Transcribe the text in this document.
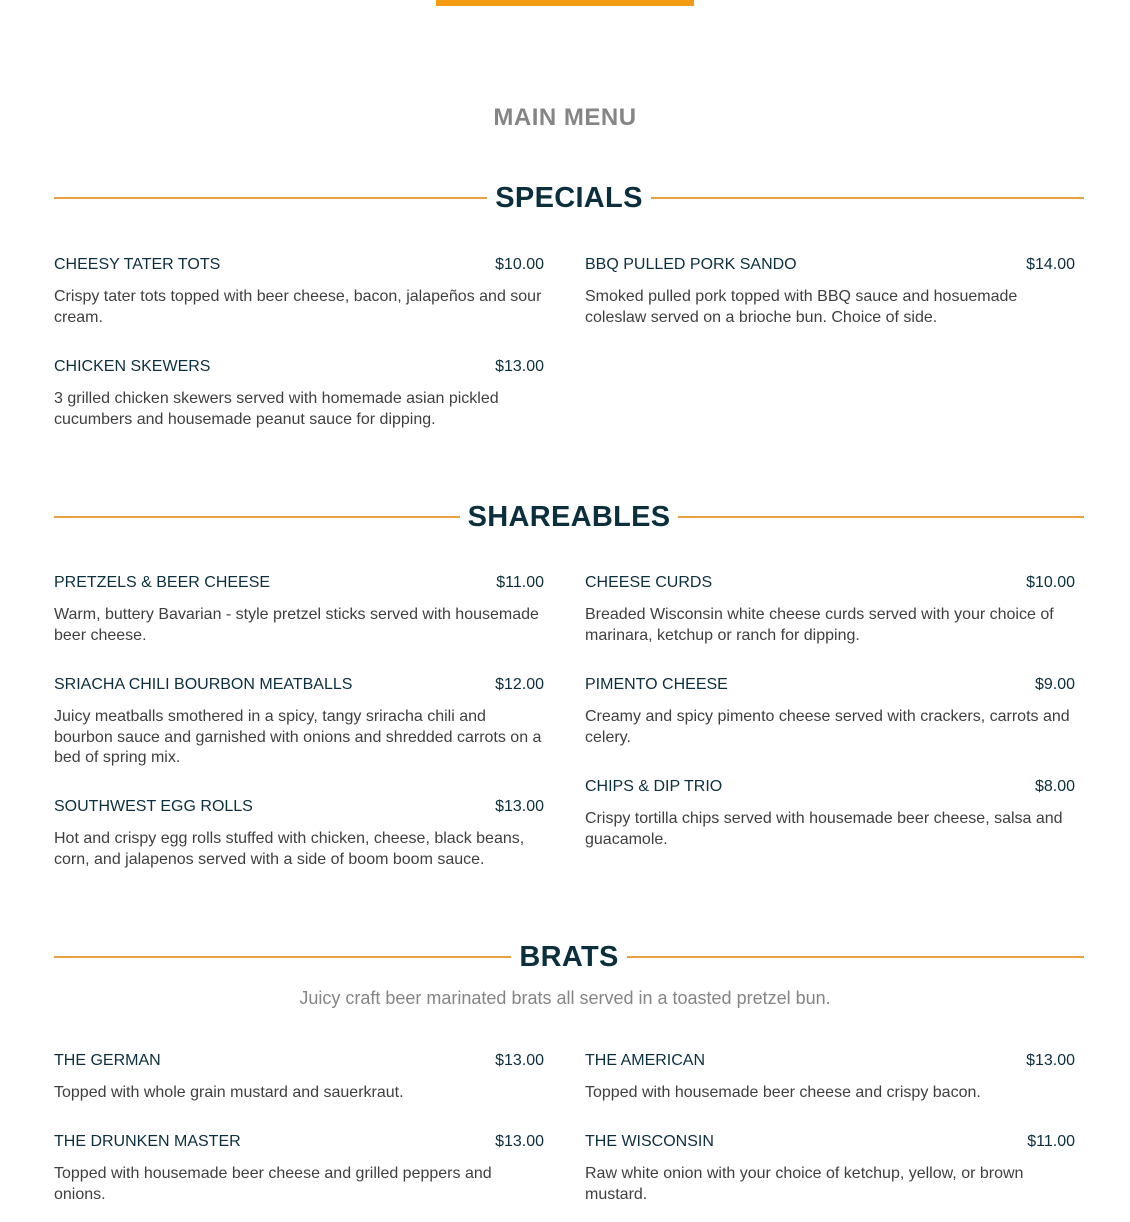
MAIN MENU
SPECIALS
CHEESY TATER TOTS	$10.00
Crispy tater tots topped with beer cheese, bacon, jalapeños and sour cream.
BBQ PULLED PORK SANDO	$14.00
Smoked pulled pork topped with BBQ sauce and hosuemade coleslaw served on a brioche bun. Choice of side.
CHICKEN SKEWERS	$13.00
3 grilled chicken skewers served with homemade asian pickled cucumbers and housemade peanut sauce for dipping.
SHAREABLES
PRETZELS & BEER CHEESE	$11.00
Warm, buttery Bavarian - style pretzel sticks served with housemade beer cheese.
CHEESE CURDS	$10.00
Breaded Wisconsin white cheese curds served with your choice of marinara, ketchup or ranch for dipping.
SRIACHA CHILI BOURBON MEATBALLS	$12.00
Juicy meatballs smothered in a spicy, tangy sriracha chili and bourbon sauce and garnished with onions and shredded carrots on a bed of spring mix.
PIMENTO CHEESE	$9.00
Creamy and spicy pimento cheese served with crackers, carrots and celery.
SOUTHWEST EGG ROLLS	$13.00
Hot and crispy egg rolls stuffed with chicken, cheese, black beans, corn, and jalapenos served with a side of boom boom sauce.
CHIPS & DIP TRIO	$8.00
Crispy tortilla chips served with housemade beer cheese, salsa and guacamole.
BRATS
Juicy craft beer marinated brats all served in a toasted pretzel bun.
THE GERMAN	$13.00
Topped with whole grain mustard and sauerkraut.
THE AMERICAN	$13.00
Topped with housemade beer cheese and crispy bacon.
THE DRUNKEN MASTER	$13.00
Topped with housemade beer cheese and grilled peppers and onions.
THE WISCONSIN	$11.00
Raw white onion with your choice of ketchup, yellow, or brown mustard.
